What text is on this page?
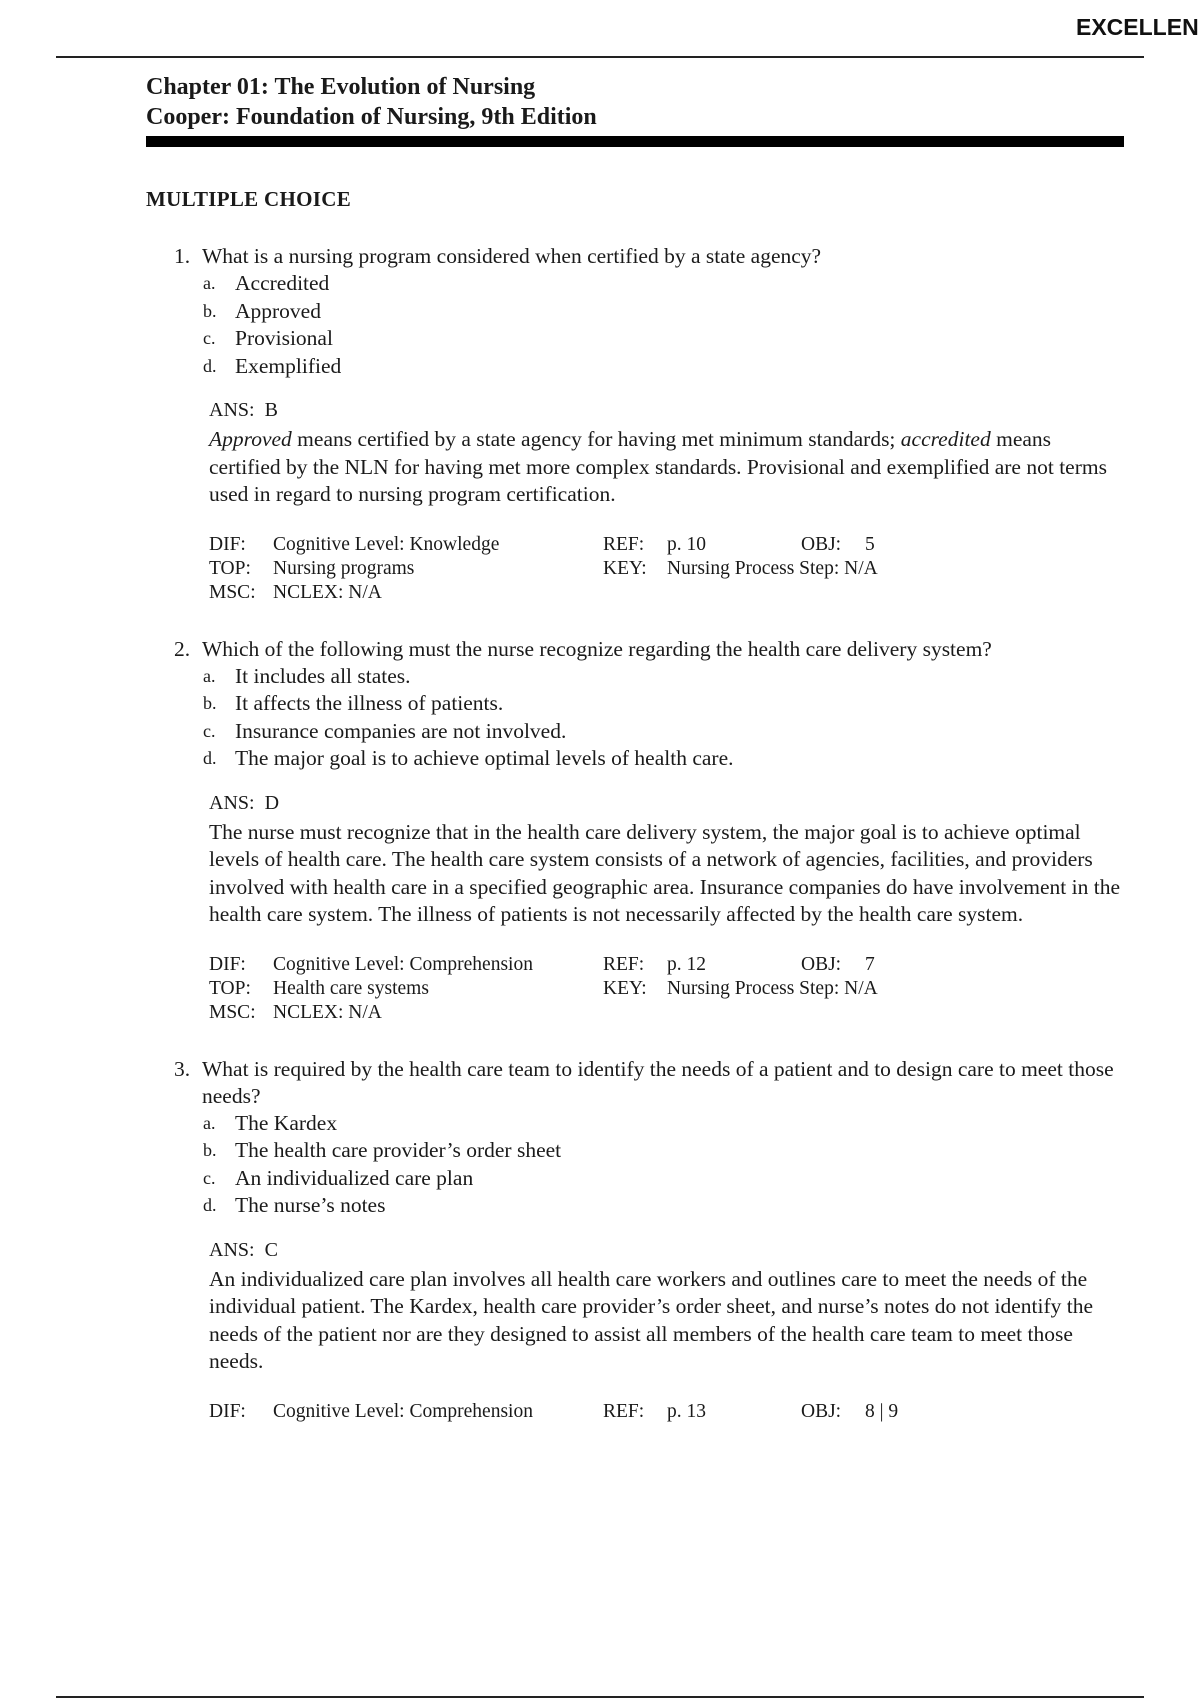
EXCELLEN
Chapter 01: The Evolution of Nursing
Cooper: Foundation of Nursing, 9th Edition
MULTIPLE CHOICE
1. What is a nursing program considered when certified by a state agency?
a. Accredited
b. Approved
c. Provisional
d. Exemplified
ANS: B
Approved means certified by a state agency for having met minimum standards; accredited means certified by the NLN for having met more complex standards. Provisional and exemplified are not terms used in regard to nursing program certification.
DIF:	Cognitive Level: Knowledge	REF:	p. 10	OBJ:	5
TOP:	Nursing programs	KEY:	Nursing Process Step: N/A
MSC: NCLEX: N/A
2. Which of the following must the nurse recognize regarding the health care delivery system?
a. It includes all states.
b. It affects the illness of patients.
c. Insurance companies are not involved.
d. The major goal is to achieve optimal levels of health care.
ANS: D
The nurse must recognize that in the health care delivery system, the major goal is to achieve optimal levels of health care. The health care system consists of a network of agencies, facilities, and providers involved with health care in a specified geographic area. Insurance companies do have involvement in the health care system. The illness of patients is not necessarily affected by the health care system.
DIF:	Cognitive Level: Comprehension	REF:	p. 12	OBJ:	7
TOP:	Health care systems	KEY:	Nursing Process Step: N/A
MSC: NCLEX: N/A
3. What is required by the health care team to identify the needs of a patient and to design care to meet those needs?
a. The Kardex
b. The health care provider’s order sheet
c. An individualized care plan
d. The nurse’s notes
ANS: C
An individualized care plan involves all health care workers and outlines care to meet the needs of the individual patient. The Kardex, health care provider’s order sheet, and nurse’s notes do not identify the needs of the patient nor are they designed to assist all members of the health care team to meet those needs.
DIF:	Cognitive Level: Comprehension	REF:	p. 13	OBJ:	8 | 9
